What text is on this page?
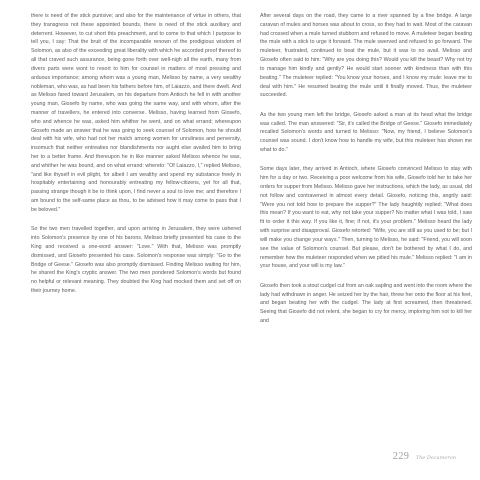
there is need of the stick punisive; and also for the maintenance of virtue in others, that they transgress not these appointed bounds, there is need of the stick auxiliary and deterrent. However, to cut short this preachment, and to come to that which I purpose to tell you, I say: That the bruit of the incomparable renown of the prodigious wisdom of Solomon, as also of the exceeding great liberality with which he accorded proof thereof to all that craved such assurance, being gone forth over well-nigh all the earth, many from divers parts were wont to resort to him for counsel in matters of most pressing and arduous importance; among whom was a young man, Melisso by name, a very wealthy nobleman, who was, as had been his fathers before him, of Laiazzo, and there dwelt. And as Melisso fared toward Jerusalem, on his departure from Antioch he fell in with another young man, Giosefo by name, who was going the same way, and with whom, after the manner of travellers, he entered into converse. Melisso, having learned from Giosefo, who and whence he was, asked him whither he went, and on what errand; whereupon Giosefo made an answer that he was going to seek counsel of Solomon, how he should deal with his wife, who had not her match among women for unruliness and perversity, insomuch that neither entreaties nor blandishments nor aught else availed him to bring her to a better frame. And thereupon he in like manner asked Melisso whence he was, and whither he was bound, and on what errand: whereto: "Of Laiazzo, I," replied Melisso, "and like thyself in evil plight, for albeit I am wealthy and spend my substance freely in hospitably entertaining and honourably entreating my fellow-citizens, yet for all that, passing strange though it be to think upon, I find never a soul to love me; and therefore I am bound to the self-same place as thou, to be advised how it may come to pass that I be beloved."

So the two men travelled together, and upon arriving in Jerusalem, they were ushered into Solomon's presence by one of his barons. Melisso briefly presented his case to the King and received a one-word answer: "Love." With that, Melisso was promptly dismissed, and Giosefo presented his case. Solomon's response was simply: "Go to the Bridge of Geese." Giosefo was also promptly dismissed. Finding Melisso waiting for him, he shared the King's cryptic answer. The two men pondered Solomon's words but found no helpful or relevant meaning. They doubted the King had mocked them and set off on their journey home.

After several days on the road, they came to a river spanned by a fine bridge. A large caravan of mules and horses was about to cross, so they had to wait. Most of the caravan had crossed when a mule turned stubborn and refused to move. A muleteer began beating the mule with a stick to urge it forward. The mule swerved and refused to go forward. The muleteer, frustrated, continued to beat the mule, but it was to no avail. Melisso and Giosefo often said to him: "Why are you doing this? Would you kill the beast? Why not try to manage him kindly and gently? He would start sooner with kindness than with this beating." The muleteer replied: "You know your horses, and I know my mule: leave me to deal with him." He resumed beating the mule until it finally moved. Thus, the muleteer succeeded.

As the two young men left the bridge, Giosefo asked a man at its head what the bridge was called. The man answered: "Sir, it's called the Bridge of Geese." Giosefo immediately recalled Solomon's words and turned to Melisso: "Now, my friend, I believe Solomon's counsel was sound. I don't know how to handle my wife, but this muleteer has shown me what to do."

Some days later, they arrived in Antioch, where Giosefo convinced Melisso to stay with him for a day or two. Receiving a poor welcome from his wife, Giosefo told her to take her orders for supper from Melisso. Melisso gave her instructions, which the lady, as usual, did not follow and contravened in almost every detail. Giosefo, noticing this, angrily said: "Were you not told how to prepare the supper?" The lady haughtily replied: "What does this mean? If you want to eat, why not take your supper? No matter what I was told, I saw fit to order it this way. If you like it, fine; if not, it's your problem." Melisso heard the lady with surprise and disapproval. Giosefo retorted: "Wife, you are still as you used to be; but I will make you change your ways." Then, turning to Melisso, he said: "Friend, you will soon see the value of Solomon's counsel. But please, don't be bothered by what I do, and remember how the muleteer responded when we pitied his mule." Melisso replied: "I am in your house, and your will is my law."

Giosefo then took a stout cudgel cut from an oak sapling and went into the room where the lady had withdrawn in anger. He seized her by the hair, threw her onto the floor at his feet, and began beating her with the cudgel. The lady at first screamed, then threatened. Seeing that Giosefo did not relent, she began to cry for mercy, imploring him not to kill her and

229 The Decameron
